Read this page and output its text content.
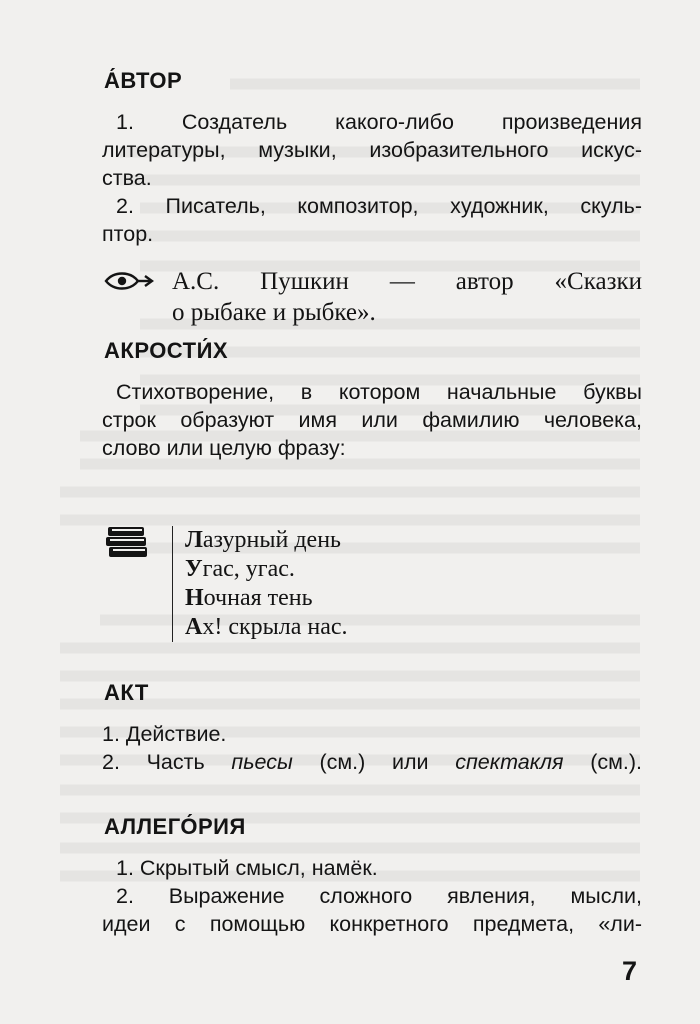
А́ВТОР
1. Создатель какого-либо произведения
литературы, музыки, изобразительного искус-
ства.
2. Писатель, композитор, художник, скуль-
птор.
А.С. Пушкин — автор «Сказки
о рыбаке и рыбке».
АКРОСТИ́Х
Стихотворение, в котором начальные буквы
строк образуют имя или фамилию человека,
слово или целую фразу:
Лазурный день
Угас, угас.
Ночная тень
Ах! скрыла нас.
АКТ
1. Действие.
2. Часть пьесы (см.) или спектакля (см.).
АЛЛЕГО́РИЯ
1. Скрытый смысл, намёк.
2. Выражение сложного явления, мысли,
идеи с помощью конкретного предмета, «ли-
7
